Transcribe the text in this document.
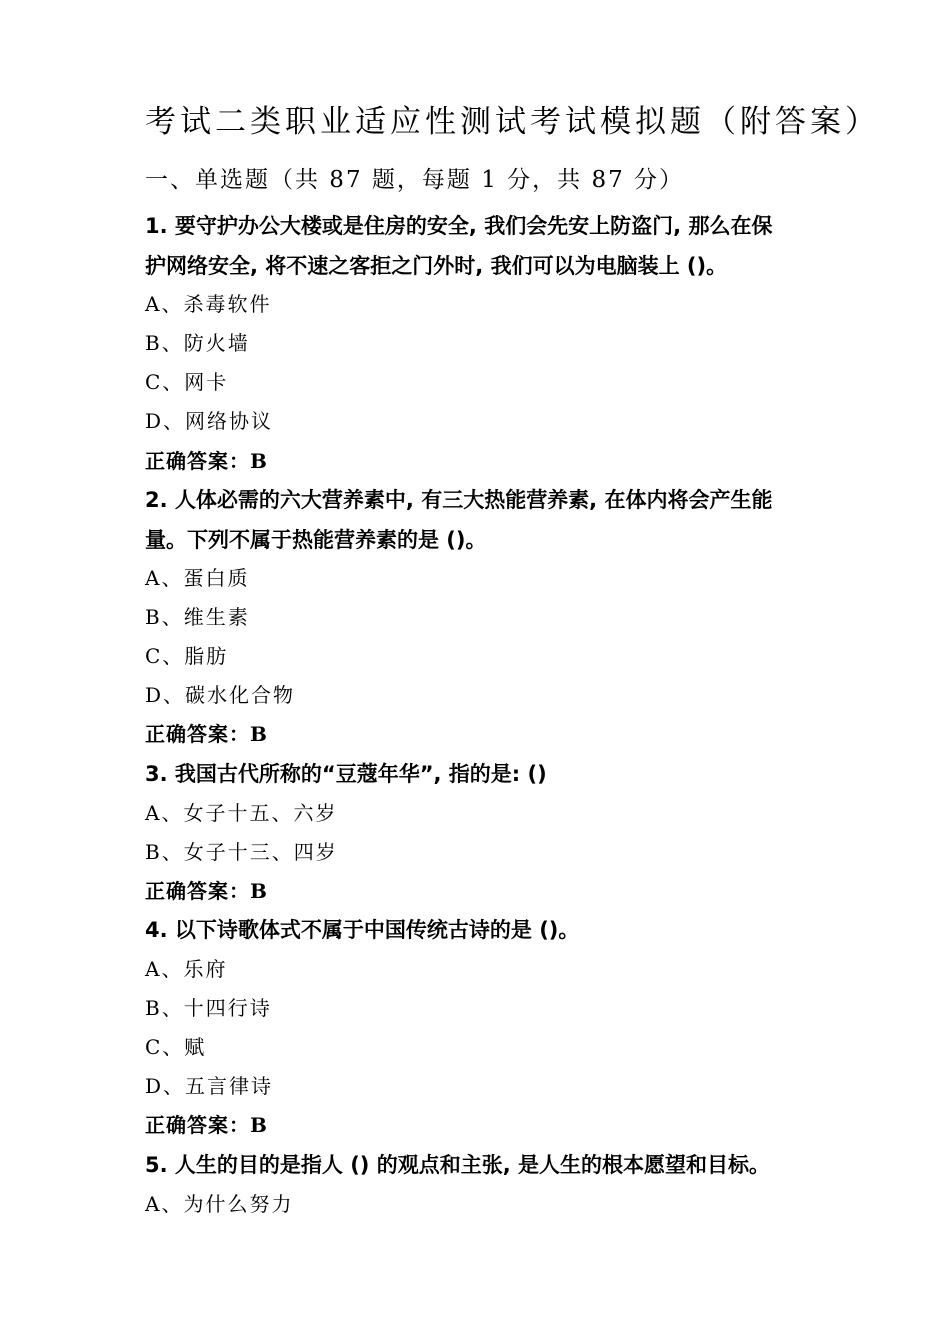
考试二类职业适应性测试考试模拟题（附答案）
一、单选题（共 87 题，每题 1 分，共 87 分）
1. 要守护办公大楼或是住房的安全, 我们会先安上防盗门, 那么在保
护网络安全, 将不速之客拒之门外时, 我们可以为电脑装上 ()。
A、杀毒软件
B、防火墙
C、网卡
D、网络协议
正确答案：B
2. 人体必需的六大营养素中, 有三大热能营养素, 在体内将会产生能
量。下列不属于热能营养素的是 ()。
A、蛋白质
B、维生素
C、脂肪
D、碳水化合物
正确答案：B
3. 我国古代所称的“豆蔻年华”, 指的是: ()
A、女子十五、六岁
B、女子十三、四岁
正确答案：B
4. 以下诗歌体式不属于中国传统古诗的是 ()。
A、乐府
B、十四行诗
C、赋
D、五言律诗
正确答案：B
5. 人生的目的是指人 () 的观点和主张, 是人生的根本愿望和目标。
A、为什么努力
